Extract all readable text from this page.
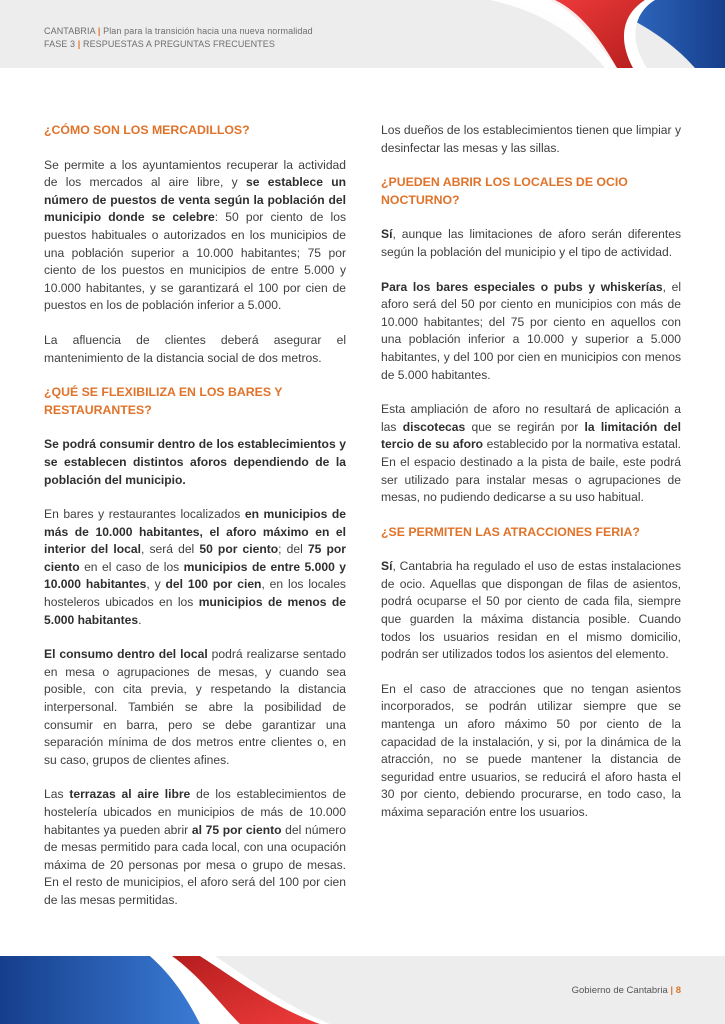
CANTABRIA | Plan para la transición hacia una nueva normalidad
FASE 3 | RESPUESTAS A PREGUNTAS FRECUENTES
¿CÓMO SON LOS MERCADILLOS?

Se permite a los ayuntamientos recuperar la actividad de los mercados al aire libre, y se establece un número de puestos de venta según la población del municipio donde se celebre: 50 por ciento de los puestos habituales o autorizados en los municipios de una población superior a 10.000 habitantes; 75 por ciento de los puestos en municipios de entre 5.000 y 10.000 habitantes, y se garantizará el 100 por cien de puestos en los de población inferior a 5.000.

La afluencia de clientes deberá asegurar el mantenimiento de la distancia social de dos metros.

¿QUÉ SE FLEXIBILIZA EN LOS BARES Y RESTAURANTES?

Se podrá consumir dentro de los establecimientos y se establecen distintos aforos dependiendo de la población del municipio.

En bares y restaurantes localizados en municipios de más de 10.000 habitantes, el aforo máximo en el interior del local, será del 50 por ciento; del 75 por ciento en el caso de los municipios de entre 5.000 y 10.000 habitantes, y del 100 por cien, en los locales hosteleros ubicados en los municipios de menos de 5.000 habitantes.

El consumo dentro del local podrá realizarse sentado en mesa o agrupaciones de mesas, y cuando sea posible, con cita previa, y respetando la distancia interpersonal. También se abre la posibilidad de consumir en barra, pero se debe garantizar una separación mínima de dos metros entre clientes o, en su caso, grupos de clientes afines.

Las terrazas al aire libre de los establecimientos de hostelería ubicados en municipios de más de 10.000 habitantes ya pueden abrir al 75 por ciento del número de mesas permitido para cada local, con una ocupación máxima de 20 personas por mesa o grupo de mesas. En el resto de municipios, el aforo será del 100 por cien de las mesas permitidas.

Los dueños de los establecimientos tienen que limpiar y desinfectar las mesas y las sillas.

¿PUEDEN ABRIR LOS LOCALES DE OCIO NOCTURNO?

Sí, aunque las limitaciones de aforo serán diferentes según la población del municipio y el tipo de actividad.

Para los bares especiales o pubs y whiskerías, el aforo será del 50 por ciento en municipios con más de 10.000 habitantes; del 75 por ciento en aquellos con una población inferior a 10.000 y superior a 5.000 habitantes, y del 100 por cien en municipios con menos de 5.000 habitantes.

Esta ampliación de aforo no resultará de aplicación a las discotecas que se regirán por la limitación del tercio de su aforo establecido por la normativa estatal. En el espacio destinado a la pista de baile, este podrá ser utilizado para instalar mesas o agrupaciones de mesas, no pudiendo dedicarse a su uso habitual.

¿SE PERMITEN LAS ATRACCIONES FERIA?

Sí, Cantabria ha regulado el uso de estas instalaciones de ocio. Aquellas que dispongan de filas de asientos, podrá ocuparse el 50 por ciento de cada fila, siempre que guarden la máxima distancia posible. Cuando todos los usuarios residan en el mismo domicilio, podrán ser utilizados todos los asientos del elemento.

En el caso de atracciones que no tengan asientos incorporados, se podrán utilizar siempre que se mantenga un aforo máximo 50 por ciento de la capacidad de la instalación, y si, por la dinámica de la atracción, no se puede mantener la distancia de seguridad entre usuarios, se reducirá el aforo hasta el 30 por ciento, debiendo procurarse, en todo caso, la máxima separación entre los usuarios.

Gobierno de Cantabria | 8
